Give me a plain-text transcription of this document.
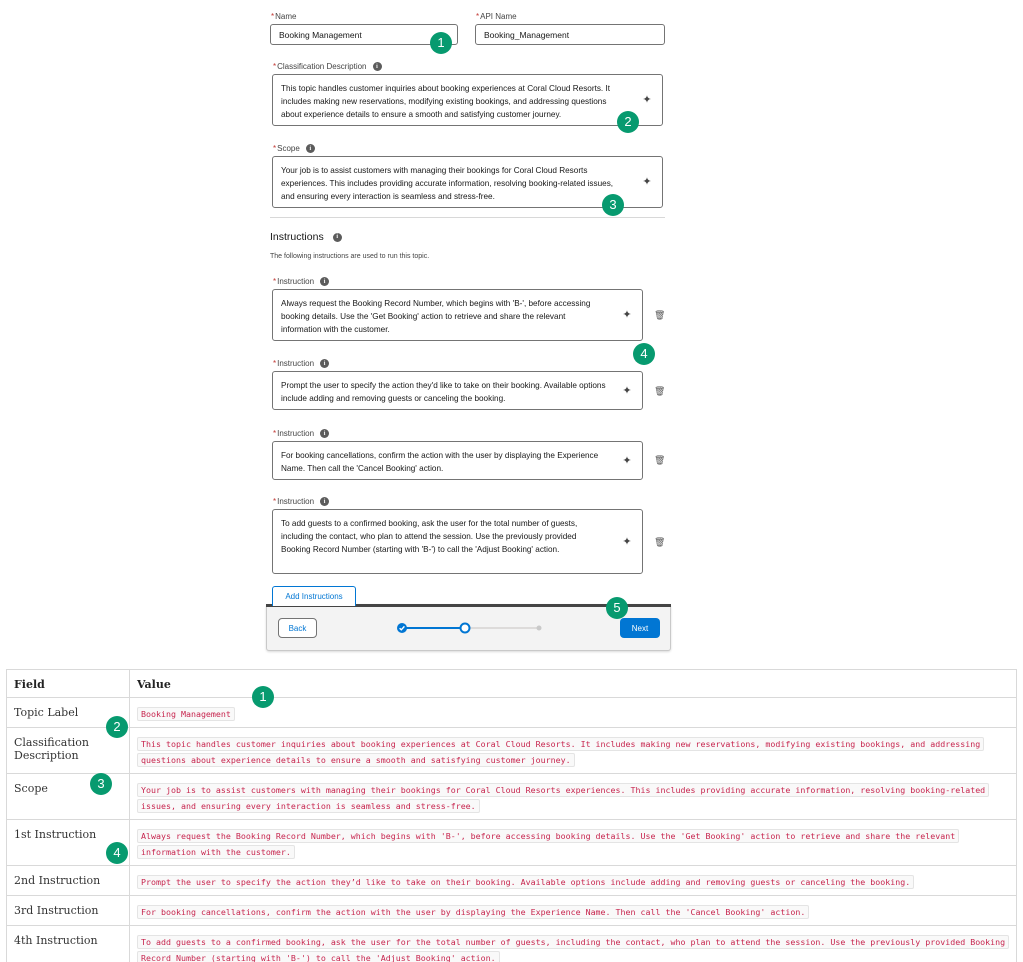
* Name
Booking Management
* API Name
Booking_Management
* Classification Description	i
This topic handles customer inquiries about booking experiences at Coral Cloud Resorts. It includes making new reservations, modifying existing bookings, and addressing questions about experience details to ensure a smooth and satisfying customer journey.
✦
* Scope	i
Your job is to assist customers with managing their bookings for Coral Cloud Resorts experiences. This includes providing accurate information, resolving booking-related issues, and ensuring every interaction is seamless and stress-free.
✦
Instructions	i
The following instructions are used to run this topic.
* Instruction	i
Always request the Booking Record Number, which begins with 'B-', before accessing booking details. Use the 'Get Booking' action to retrieve and share the relevant information with the customer.
✦ 🗑
* Instruction	i
Prompt the user to specify the action they'd like to take on their booking. Available options include adding and removing guests or canceling the booking.
✦ 🗑
* Instruction	i
For booking cancellations, confirm the action with the user by displaying the Experience Name. Then call the 'Cancel Booking' action.
✦ 🗑
* Instruction	i
To add guests to a confirmed booking, ask the user for the total number of guests, including the contact, who plan to attend the session. Use the previously provided Booking Record Number (starting with 'B-') to call the 'Adjust Booking' action.
✦ 🗑
Add Instructions
Back	Next
1
2
3
4
5
Field	Value
Topic Label	Booking Management
Classification Description	This topic handles customer inquiries about booking experiences at Coral Cloud Resorts. It includes making new reservations, modifying existing bookings, and addressing questions about experience details to ensure a smooth and satisfying customer journey.
Scope	Your job is to assist customers with managing their bookings for Coral Cloud Resorts experiences. This includes providing accurate information, resolving booking-related issues, and ensuring every interaction is seamless and stress-free.
1st Instruction	Always request the Booking Record Number, which begins with 'B-', before accessing booking details. Use the 'Get Booking' action to retrieve and share the relevant information with the customer.
2nd Instruction	Prompt the user to specify the action they’d like to take on their booking. Available options include adding and removing guests or canceling the booking.
3rd Instruction	For booking cancellations, confirm the action with the user by displaying the Experience Name. Then call the 'Cancel Booking' action.
4th Instruction	To add guests to a confirmed booking, ask the user for the total number of guests, including the contact, who plan to attend the session. Use the previously provided Booking Record Number (starting with 'B-') to call the 'Adjust Booking' action.
1
2
3
4
